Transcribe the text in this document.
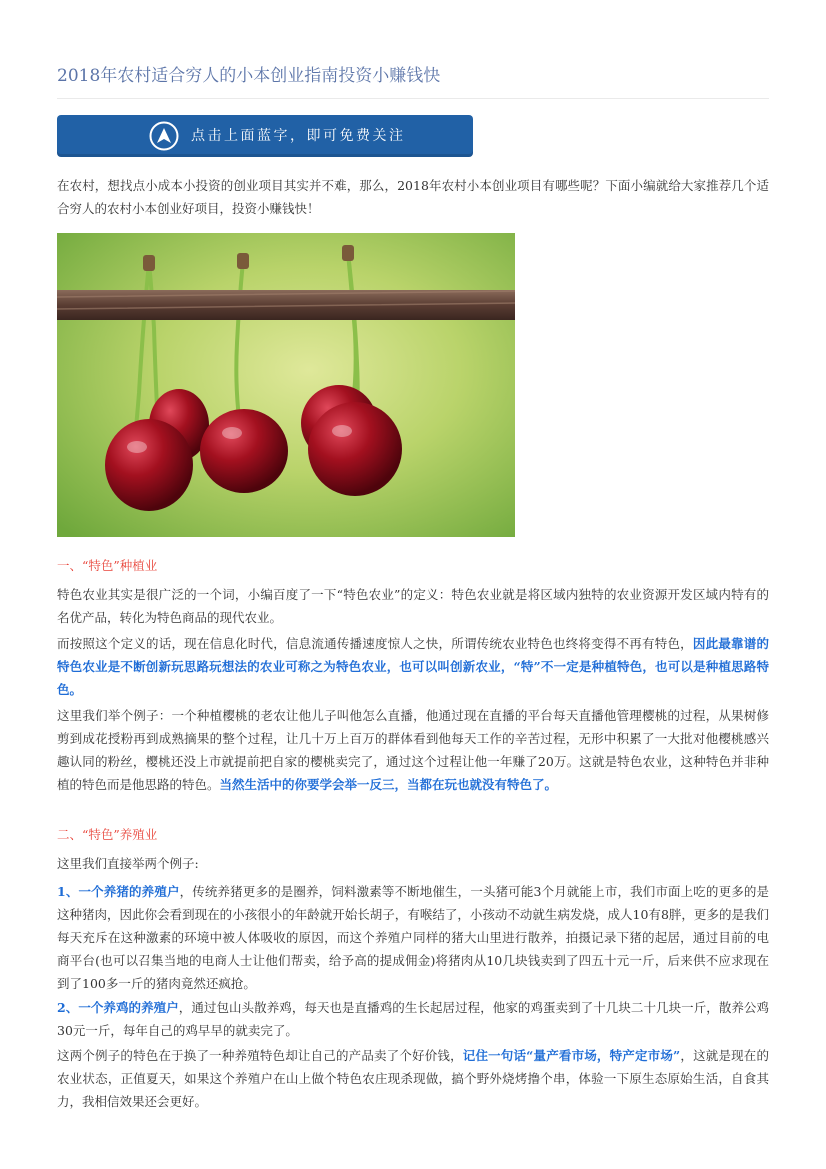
2018年农村适合穷人的小本创业指南投资小赚钱快
点击上面蓝字，即可免费关注

在农村，想找点小成本小投资的创业项目其实并不难，那么，2018年农村小本创业项目有哪些呢？下面小编就给大家推荐几个适合穷人的农村小本创业好项目，投资小赚钱快！

一、“特色”种植业

特色农业其实是很广泛的一个词，小编百度了一下“特色农业”的定义：特色农业就是将区域内独特的农业资源开发区域内特有的名优产品，转化为特色商品的现代农业。

而按照这个定义的话，现在信息化时代，信息流通传播速度惊人之快，所谓传统农业特色也终将变得不再有特色，因此最靠谱的特色农业是不断创新玩思路玩想法的农业可称之为特色农业，也可以叫创新农业，“特”不一定是种植特色，也可以是种植思路特色。

这里我们举个例子：一个种植樱桃的老农让他儿子叫他怎么直播，他通过现在直播的平台每天直播他管理樱桃的过程，从果树修剪到成花授粉再到成熟摘果的整个过程，让几十万上百万的群体看到他每天工作的辛苦过程，无形中积累了一大批对他樱桃感兴趣认同的粉丝，樱桃还没上市就提前把自家的樱桃卖完了，通过这个过程让他一年赚了20万。这就是特色农业，这种特色并非种植的特色而是他思路的特色。当然生活中的你要学会举一反三，当都在玩也就没有特色了。

二、“特色”养殖业

这里我们直接举两个例子:

1、一个养猪的养殖户，传统养猪更多的是圈养，饲料激素等不断地催生，一头猪可能3个月就能上市，我们市面上吃的更多的是这种猪肉，因此你会看到现在的小孩很小的年龄就开始长胡子，有喉结了，小孩动不动就生病发烧，成人10有8胖，更多的是我们每天充斥在这种激素的环境中被人体吸收的原因，而这个养殖户同样的猪大山里进行散养，拍摄记录下猪的起居，通过目前的电商平台(也可以召集当地的电商人士让他们帮卖，给予高的提成佣金)将猪肉从10几块钱卖到了四五十元一斤，后来供不应求现在到了100多一斤的猪肉竟然还疯抢。

2、一个养鸡的养殖户，通过包山头散养鸡，每天也是直播鸡的生长起居过程，他家的鸡蛋卖到了十几块二十几块一斤，散养公鸡30元一斤，每年自己的鸡早早的就卖完了。

这两个例子的特色在于换了一种养殖特色却让自己的产品卖了个好价钱，记住一句话“量产看市场，特产定市场”，这就是现在的农业状态，正值夏天，如果这个养殖户在山上做个特色农庄现杀现做，搞个野外烧烤撸个串，体验一下原生态原始生活，自食其力，我相信效果还会更好。
